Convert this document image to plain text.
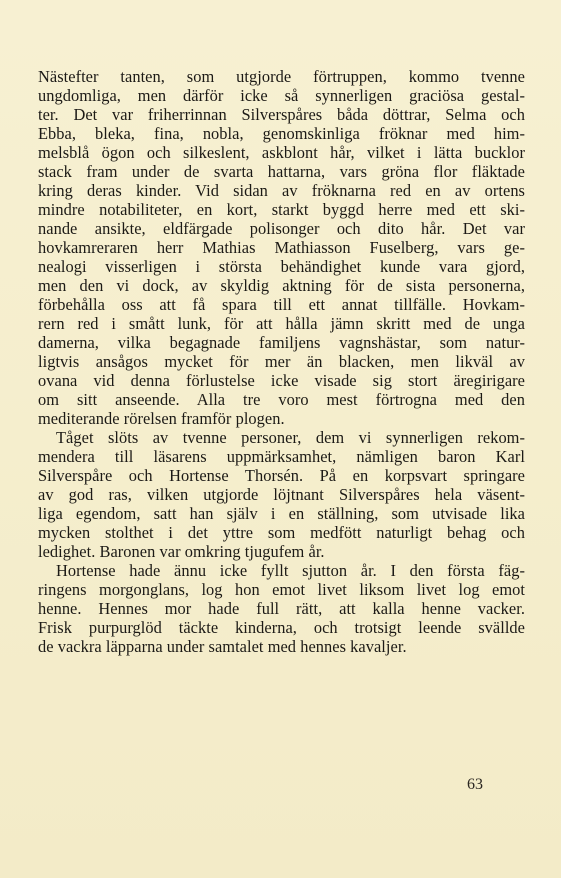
Nästefter tanten, som utgjorde förtruppen, kommo tvenne
ungdomliga, men därför icke så synnerligen graciösa gestal-
ter. Det var friherrinnan Silverspåres båda döttrar, Selma och
Ebba, bleka, fina, nobla, genomskinliga fröknar med him-
melsblå ögon och silkeslent, askblont hår, vilket i lätta bucklor
stack fram under de svarta hattarna, vars gröna flor fläktade
kring deras kinder. Vid sidan av fröknarna red en av ortens
mindre notabiliteter, en kort, starkt byggd herre med ett ski-
nande ansikte, eldfärgade polisonger och dito hår. Det var
hovkamreraren herr Mathias Mathiasson Fuselberg, vars ge-
nealogi visserligen i största behändighet kunde vara gjord,
men den vi dock, av skyldig aktning för de sista personerna,
förbehålla oss att få spara till ett annat tillfälle. Hovkam-
rern red i smått lunk, för att hålla jämn skritt med de unga
damerna, vilka begagnade familjens vagnshästar, som natur-
ligtvis ansågos mycket för mer än blacken, men likväl av
ovana vid denna förlustelse icke visade sig stort äregirigare
om sitt anseende. Alla tre voro mest förtrogna med den
mediterande rörelsen framför plogen.

Tåget slöts av tvenne personer, dem vi synnerligen rekom-
mendera till läsarens uppmärksamhet, nämligen baron Karl
Silverspåre och Hortense Thorsén. På en korpsvart springare
av god ras, vilken utgjorde löjtnant Silverspåres hela väsent-
liga egendom, satt han själv i en ställning, som utvisade lika
mycken stolthet i det yttre som medfött naturligt behag och
ledighet. Baronen var omkring tjugufem år.

Hortense hade ännu icke fyllt sjutton år. I den första fäg-
ringens morgonglans, log hon emot livet liksom livet log emot
henne. Hennes mor hade full rätt, att kalla henne vacker.
Frisk purpurglöd täckte kinderna, och trotsigt leende svällde
de vackra läpparna under samtalet med hennes kavaljer.

63
